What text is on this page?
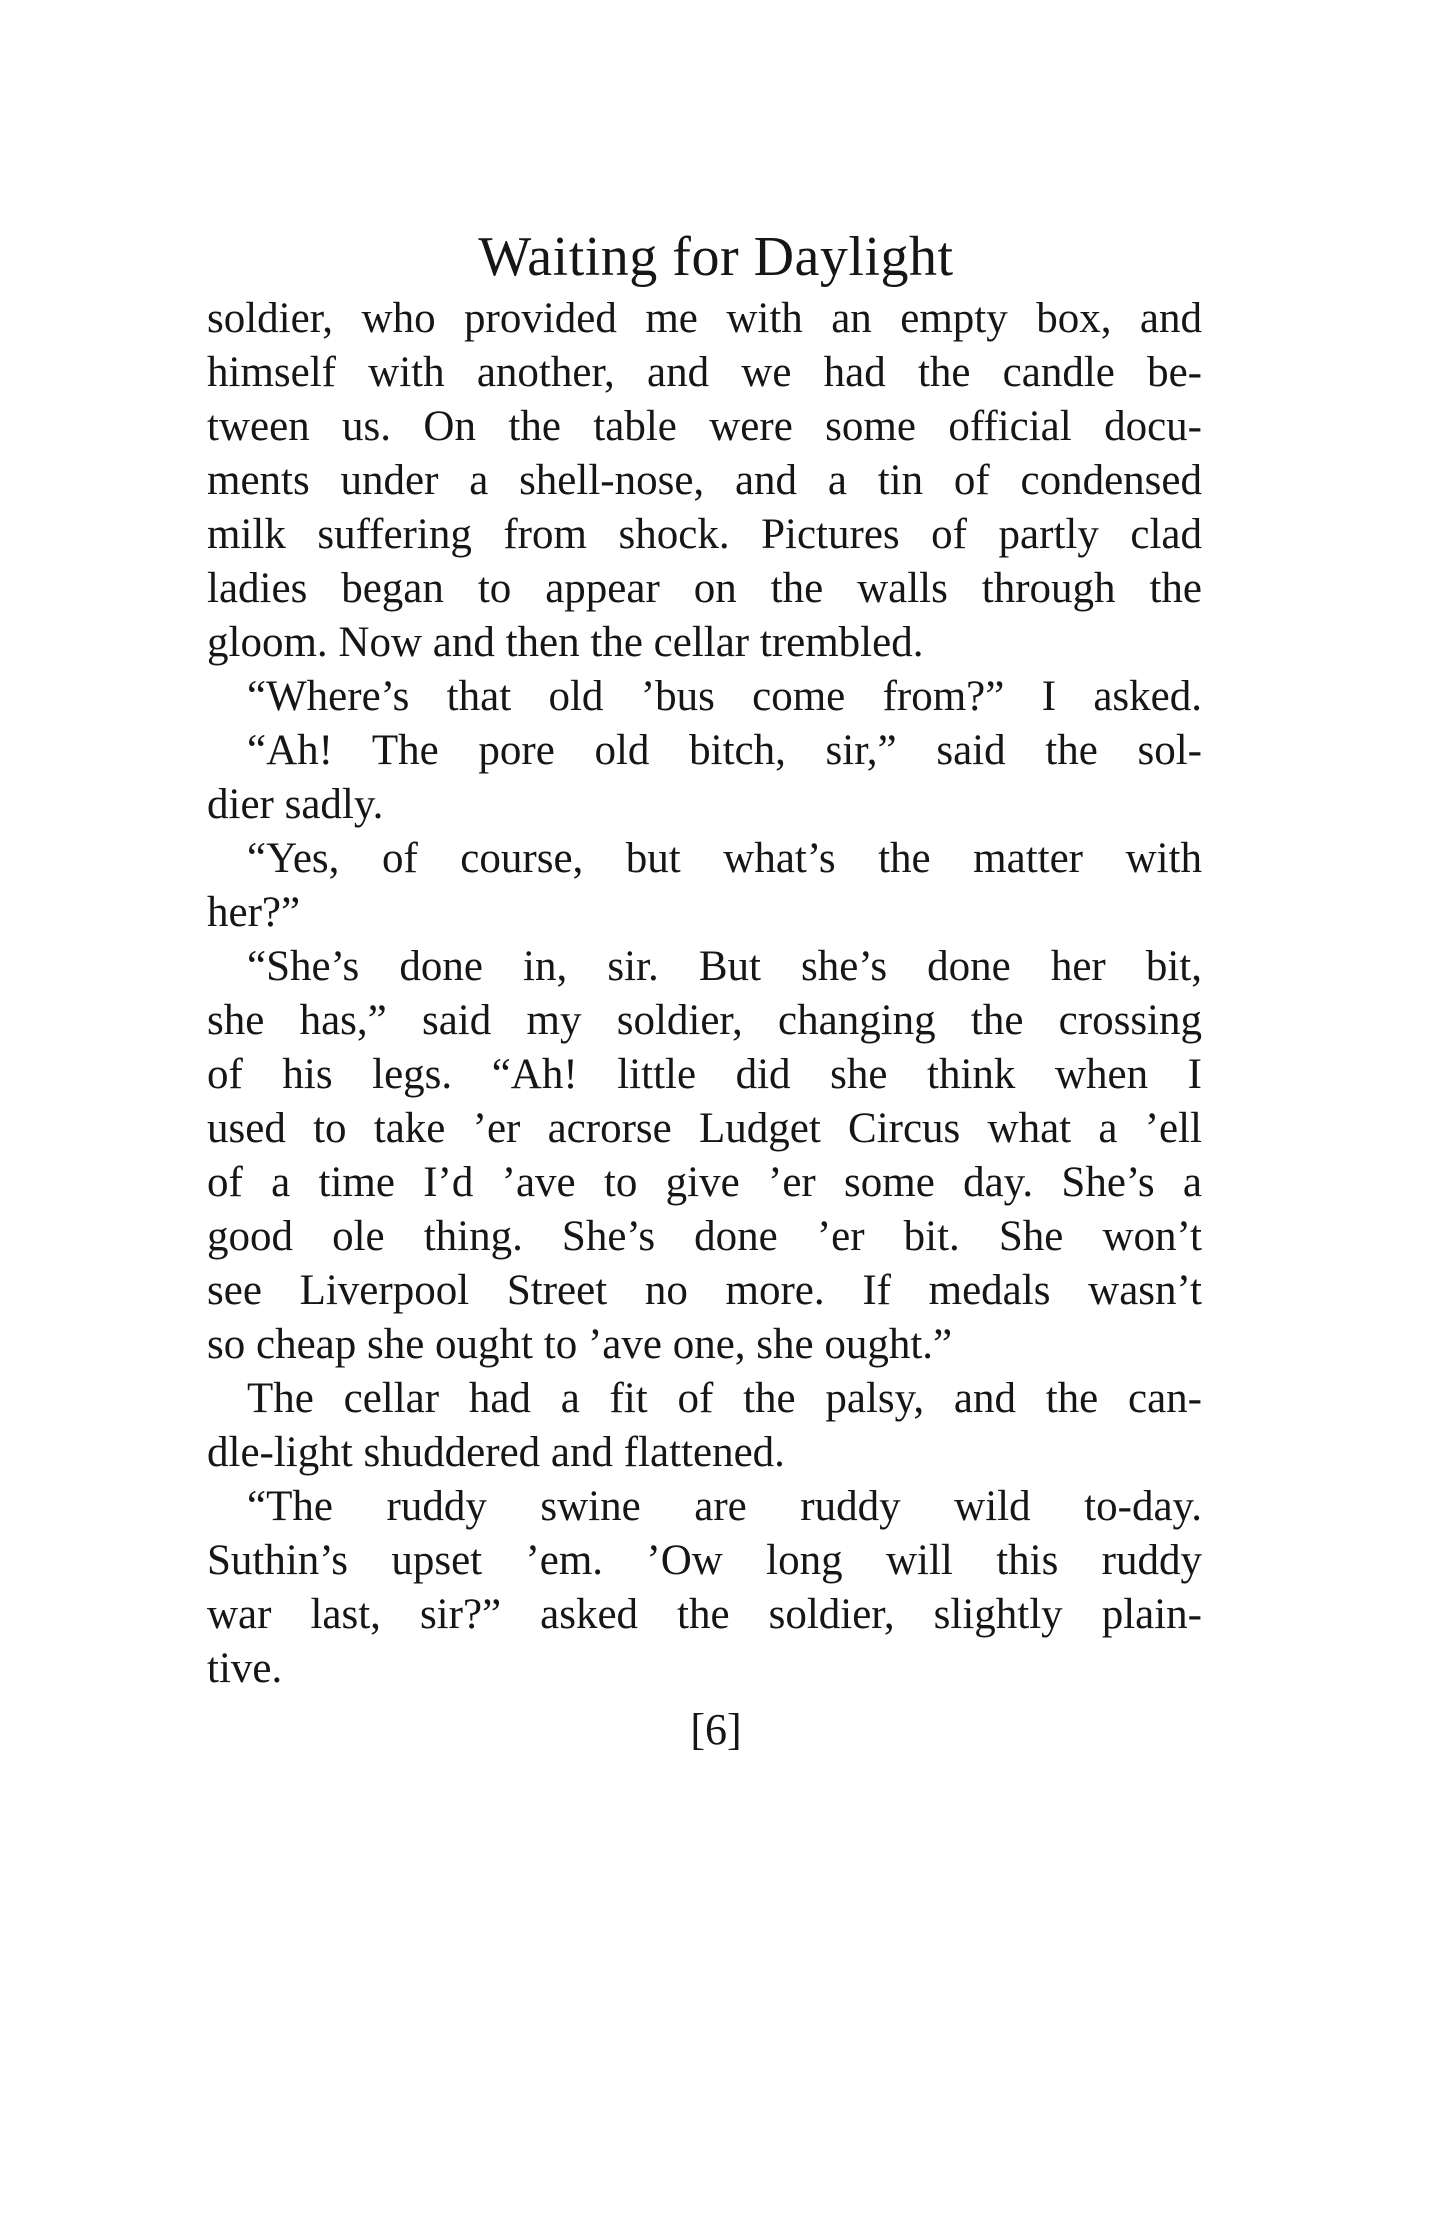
Waiting for Daylight
soldier, who provided me with an empty box, and
himself with another, and we had the candle be-
tween us. On the table were some official docu-
ments under a shell-nose, and a tin of condensed
milk suffering from shock. Pictures of partly clad
ladies began to appear on the walls through the
gloom. Now and then the cellar trembled.
“Where’s that old ’bus come from?” I asked.
“Ah! The pore old bitch, sir,” said the sol-
dier sadly.
“Yes, of course, but what’s the matter with
her?”
“She’s done in, sir. But she’s done her bit,
she has,” said my soldier, changing the crossing
of his legs. “Ah! little did she think when I
used to take ’er acrorse Ludget Circus what a ’ell
of a time I’d ’ave to give ’er some day. She’s a
good ole thing. She’s done ’er bit. She won’t
see Liverpool Street no more. If medals wasn’t
so cheap she ought to ’ave one, she ought.”
The cellar had a fit of the palsy, and the can-
dle-light shuddered and flattened.
“The ruddy swine are ruddy wild to-day.
Suthin’s upset ’em. ’Ow long will this ruddy
war last, sir?” asked the soldier, slightly plain-
tive.
[6]
